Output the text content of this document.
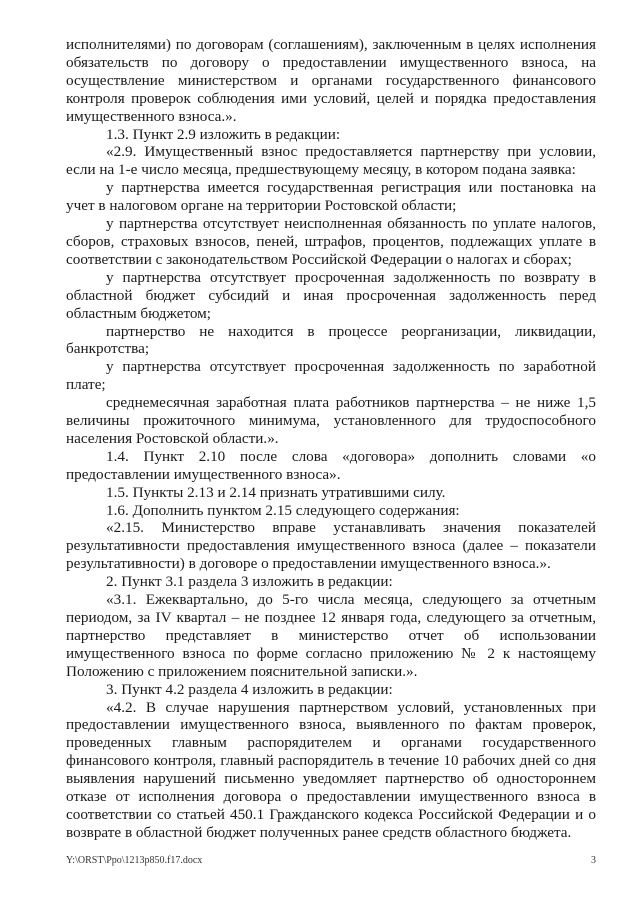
исполнителями) по договорам (соглашениям), заключенным в целях исполнения обязательств по договору о предоставлении имущественного взноса, на осуществление министерством и органами государственного финансового контроля проверок соблюдения ими условий, целей и порядка предоставления имущественного взноса.».

1.3. Пункт 2.9 изложить в редакции:

«2.9. Имущественный взнос предоставляется партнерству при условии, если на 1-е число месяца, предшествующему месяцу, в котором подана заявка:

у партнерства имеется государственная регистрация или постановка на учет в налоговом органе на территории Ростовской области;

у партнерства отсутствует неисполненная обязанность по уплате налогов, сборов, страховых взносов, пеней, штрафов, процентов, подлежащих уплате в соответствии с законодательством Российской Федерации о налогах и сборах;

у партнерства отсутствует просроченная задолженность по возврату в областной бюджет субсидий и иная просроченная задолженность перед областным бюджетом;

партнерство не находится в процессе реорганизации, ликвидации, банкротства;

у партнерства отсутствует просроченная задолженность по заработной плате;

среднемесячная заработная плата работников партнерства – не ниже 1,5 величины прожиточного минимума, установленного для трудоспособного населения Ростовской области.».

1.4. Пункт 2.10 после слова «договора» дополнить словами «о предоставлении имущественного взноса».

1.5. Пункты 2.13 и 2.14 признать утратившими силу.

1.6. Дополнить пунктом 2.15 следующего содержания:

«2.15. Министерство вправе устанавливать значения показателей результативности предоставления имущественного взноса (далее – показатели результативности) в договоре о предоставлении имущественного взноса.».

2. Пункт 3.1 раздела 3 изложить в редакции:

«3.1. Ежеквартально, до 5-го числа месяца, следующего за отчетным периодом, за IV квартал – не позднее 12 января года, следующего за отчетным, партнерство представляет в министерство отчет об использовании имущественного взноса по форме согласно приложению № 2 к настоящему Положению с приложением пояснительной записки.».

3. Пункт 4.2 раздела 4 изложить в редакции:

«4.2. В случае нарушения партнерством условий, установленных при предоставлении имущественного взноса, выявленного по фактам проверок, проведенных главным распорядителем и органами государственного финансового контроля, главный распорядитель в течение 10 рабочих дней со дня выявления нарушений письменно уведомляет партнерство об одностороннем отказе от исполнения договора о предоставлении имущественного взноса в соответствии со статьей 450.1 Гражданского кодекса Российской Федерации и о возврате в областной бюджет полученных ранее средств областного бюджета.

Y:\ORST\Ppo\1213p850.f17.docx	3
